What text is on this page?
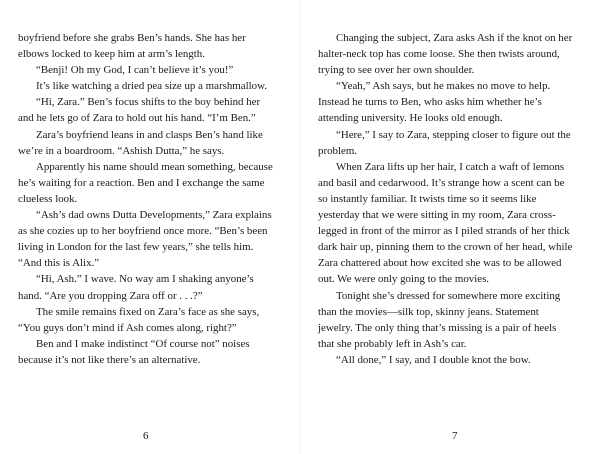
boyfriend before she grabs Ben’s hands. She has her elbows locked to keep him at arm’s length.

“Benji! Oh my God, I can’t believe it’s you!”

It’s like watching a dried pea size up a marshmallow.

“Hi, Zara.” Ben’s focus shifts to the boy behind her and he lets go of Zara to hold out his hand. “I’m Ben.”

Zara’s boyfriend leans in and clasps Ben’s hand like we’re in a boardroom. “Ashish Dutta,” he says.

Apparently his name should mean something, because he’s waiting for a reaction. Ben and I exchange the same clueless look.

“Ash’s dad owns Dutta Developments,” Zara explains as she cozies up to her boyfriend once more. “Ben’s been living in London for the last few years,” she tells him. “And this is Alix.”

“Hi, Ash.” I wave. No way am I shaking anyone’s hand. “Are you dropping Zara off or . . .?”

The smile remains fixed on Zara’s face as she says, “You guys don’t mind if Ash comes along, right?”

Ben and I make indistinct “Of course not” noises because it’s not like there’s an alternative.

6

Changing the subject, Zara asks Ash if the knot on her halter-neck top has come loose. She then twists around, trying to see over her own shoulder.

“Yeah,” Ash says, but he makes no move to help. Instead he turns to Ben, who asks him whether he’s attending university. He looks old enough.

“Here,” I say to Zara, stepping closer to figure out the problem.

When Zara lifts up her hair, I catch a waft of lemons and basil and cedarwood. It’s strange how a scent can be so instantly familiar. It twists time so it seems like yesterday that we were sitting in my room, Zara cross-legged in front of the mirror as I piled strands of her thick dark hair up, pinning them to the crown of her head, while Zara chattered about how excited she was to be allowed out. We were only going to the movies.

Tonight she’s dressed for somewhere more exciting than the movies—silk top, skinny jeans. Statement jewelry. The only thing that’s missing is a pair of heels that she probably left in Ash’s car.

“All done,” I say, and I double knot the bow.

7
